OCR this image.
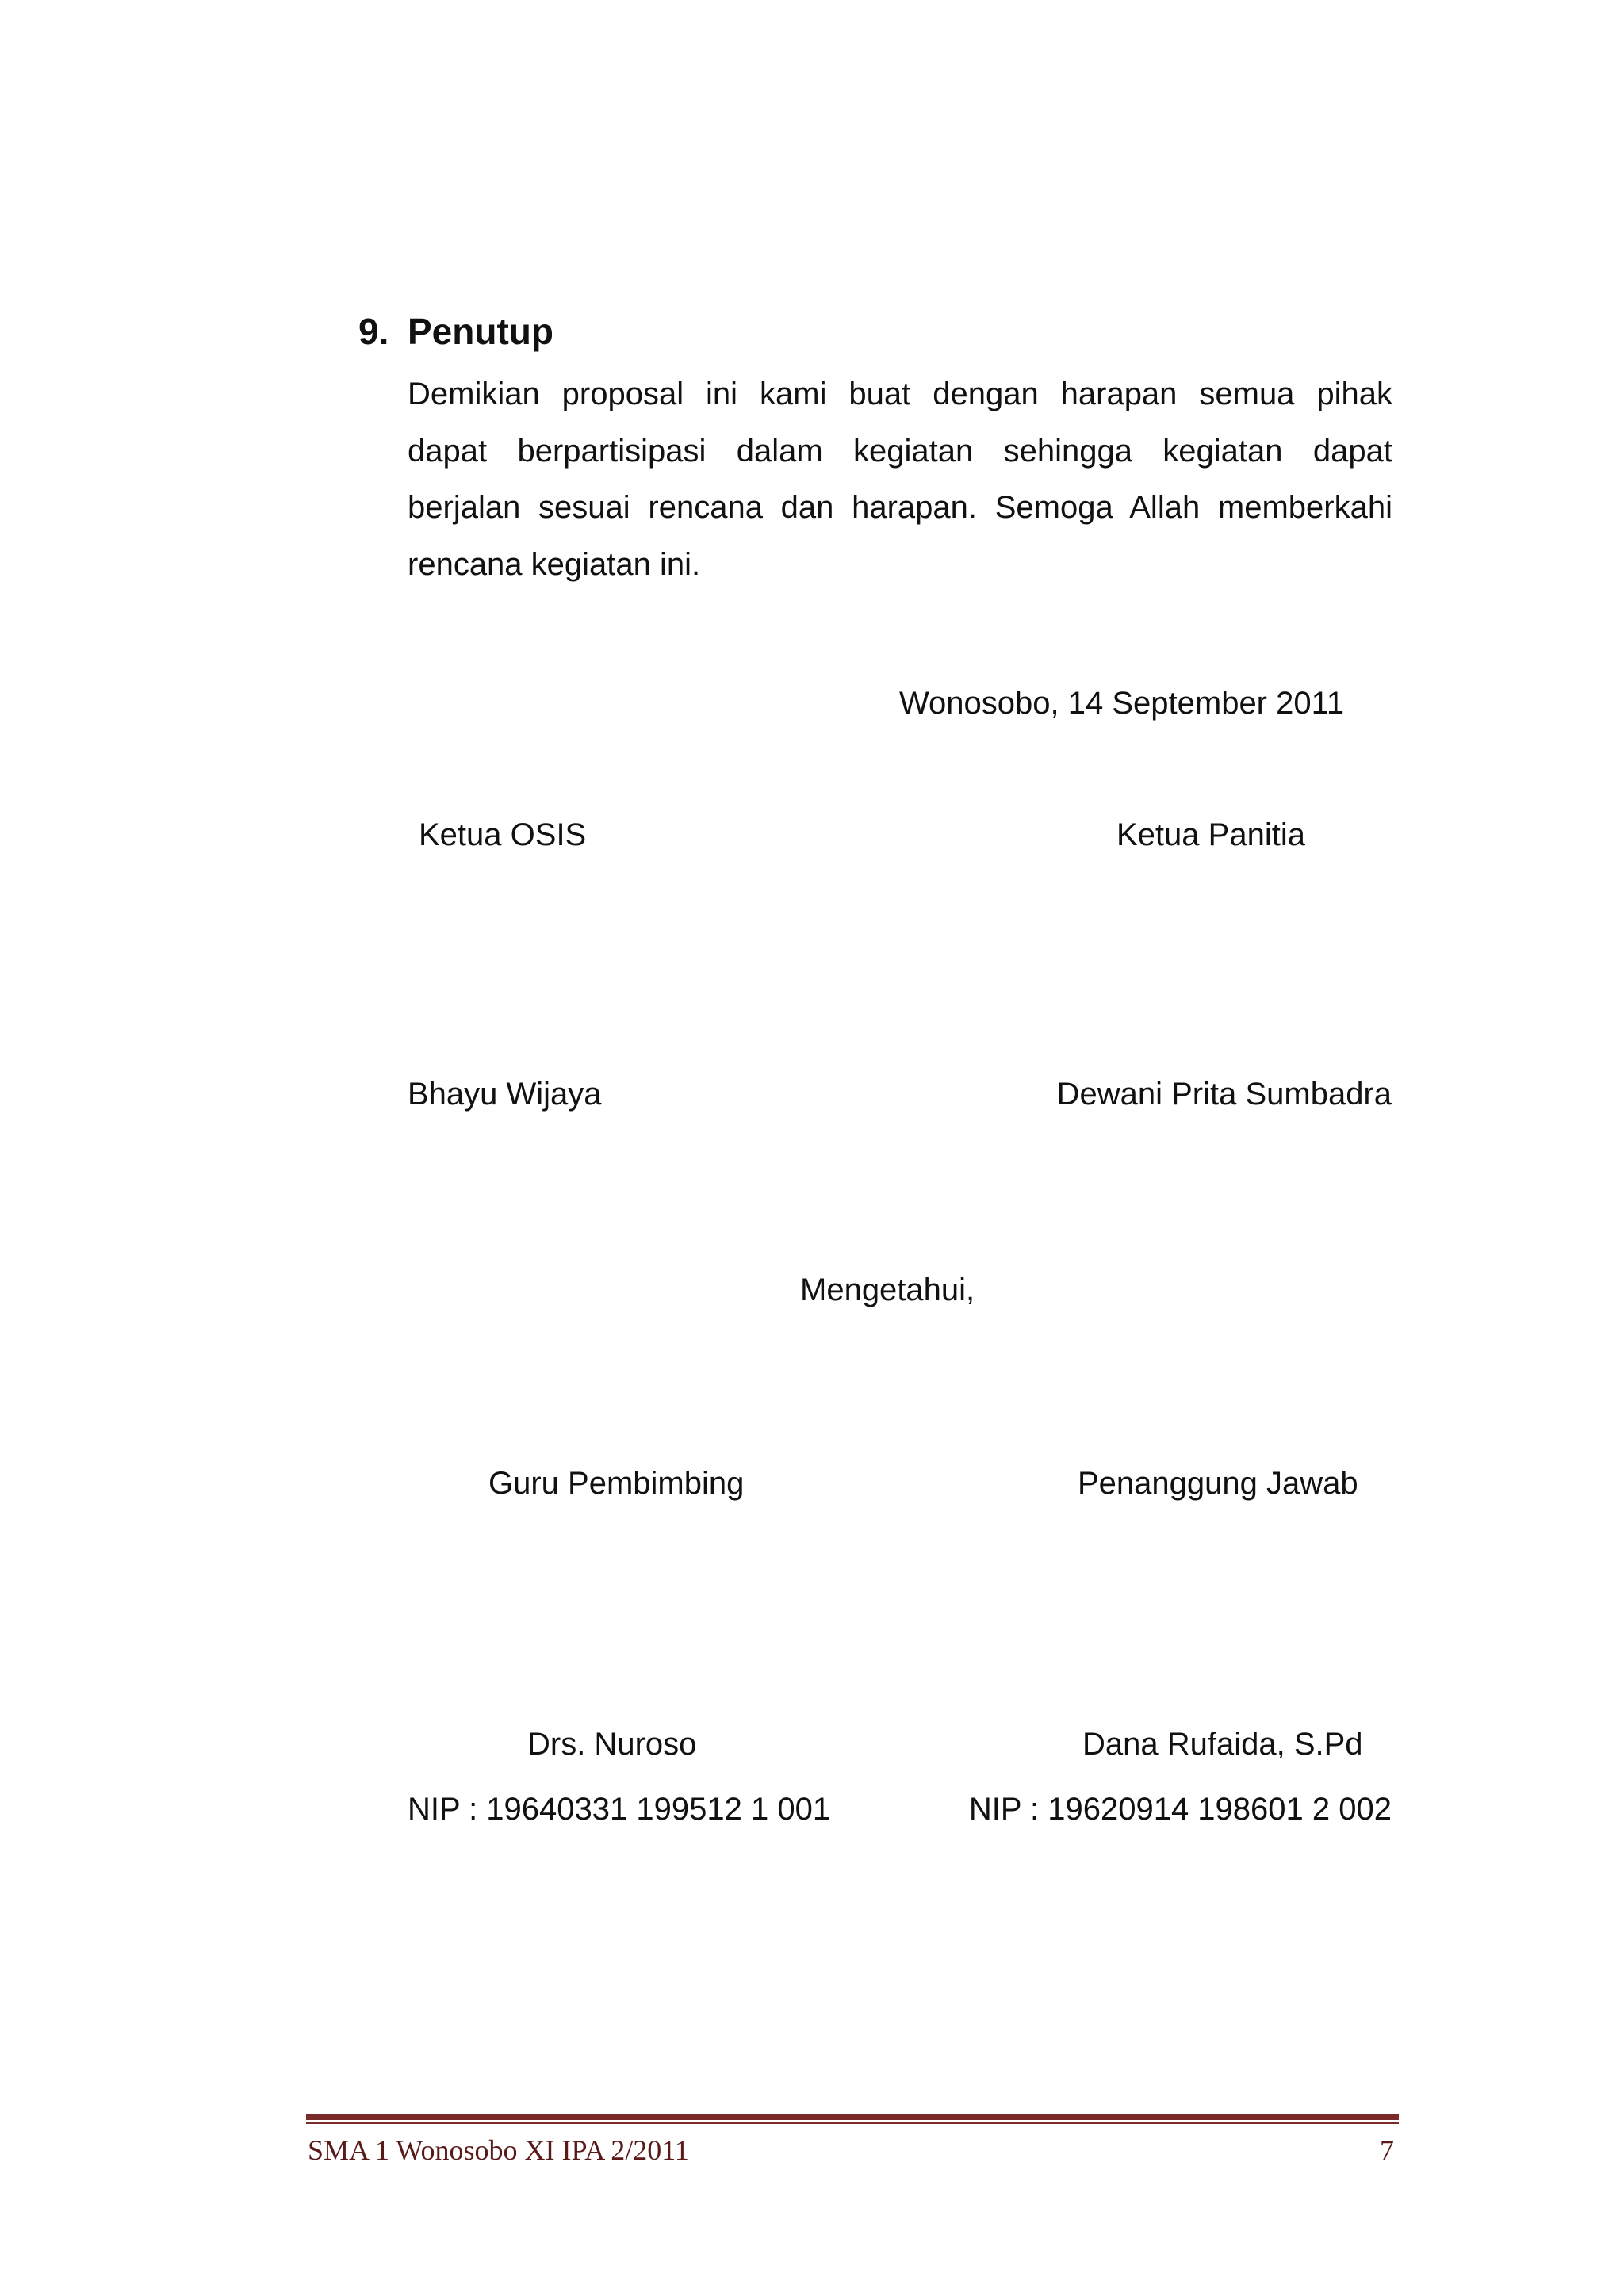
9. Penutup

Demikian proposal ini kami buat dengan harapan semua pihak

dapat berpartisipasi dalam kegiatan sehingga kegiatan dapat

berjalan sesuai rencana dan harapan. Semoga Allah memberkahi

rencana kegiatan ini.

Wonosobo, 14 September 2011
Ketua OSIS	Ketua Panitia
Bhayu Wijaya	Dewani Prita Sumbadra
Mengetahui,
Guru Pembimbing	Penanggung Jawab
Drs. Nuroso	Dana Rufaida, S.Pd
NIP : 19640331 199512 1 001	NIP : 19620914 198601 2 002
SMA 1 Wonosobo XI IPA 2/2011	7
